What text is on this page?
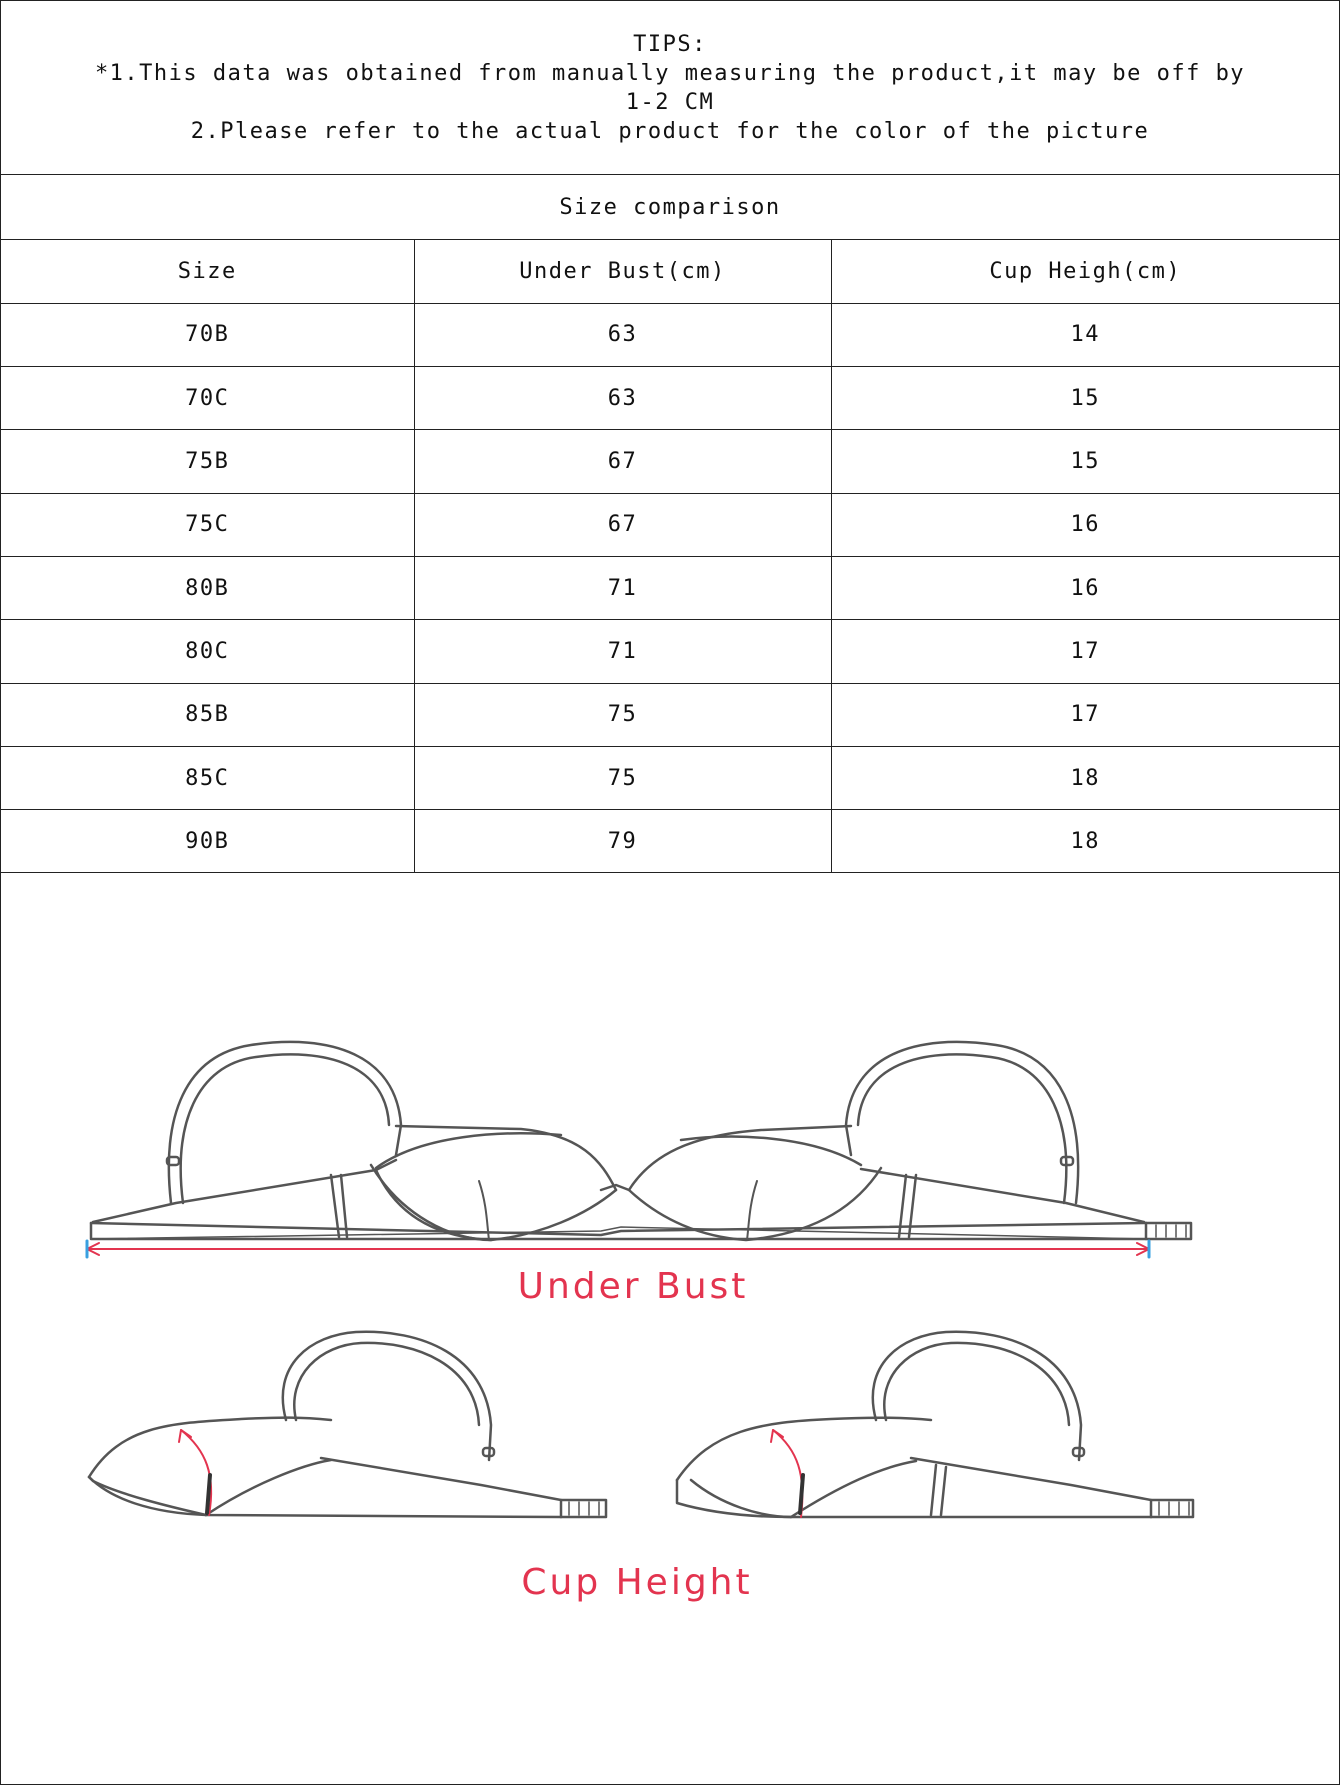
TIPS:
*1.This data was obtained from manually measuring the product,it may be off by
1-2 CM
2.Please refer to the actual product for the color of the picture
Size comparison
Size	Under Bust(cm)	Cup Heigh(cm)
70B	63	14
70C	63	15
75B	67	15
75C	67	16
80B	71	16
80C	71	17
85B	75	17
85C	75	18
90B	79	18
Under Bust
Cup Height
